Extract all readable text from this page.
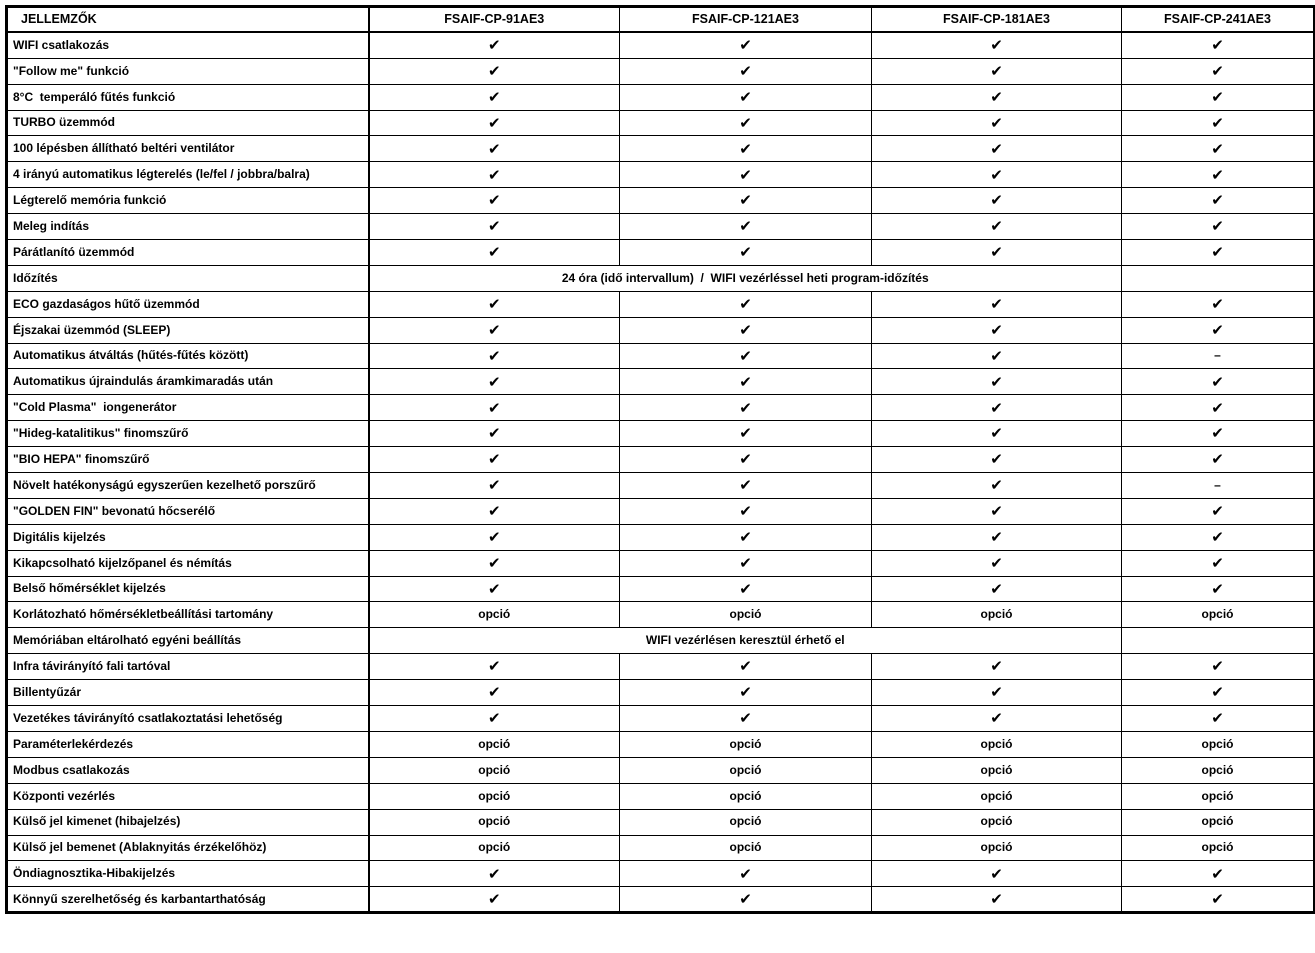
JELLEMZŐK	FSAIF-CP-91AE3	FSAIF-CP-121AE3	FSAIF-CP-181AE3	FSAIF-CP-241AE3
WIFI csatlakozás	✔	✔	✔	✔
"Follow me" funkció	✔	✔	✔	✔
8°C  temperáló fűtés funkció	✔	✔	✔	✔
TURBO üzemmód	✔	✔	✔	✔
100 lépésben állítható beltéri ventilátor	✔	✔	✔	✔
4 irányú automatikus légterelés (le/fel / jobbra/balra)	✔	✔	✔	✔
Légterelő memória funkció	✔	✔	✔	✔
Meleg indítás	✔	✔	✔	✔
Párátlanító üzemmód	✔	✔	✔	✔
Időzítés	24 óra (idő intervallum)  /  WIFI vezérléssel heti program-időzítés			
ECO gazdaságos hűtő üzemmód	✔	✔	✔	✔
Éjszakai üzemmód (SLEEP)	✔	✔	✔	✔
Automatikus átváltás (hűtés-fűtés között)	✔	✔	✔	–
Automatikus újraindulás áramkimaradás után	✔	✔	✔	✔
"Cold Plasma"  iongenerátor	✔	✔	✔	✔
"Hideg-katalitikus" finomszűrő	✔	✔	✔	✔
"BIO HEPA" finomszűrő	✔	✔	✔	✔
Növelt hatékonyságú egyszerűen kezelhető porszűrő	✔	✔	✔	–
"GOLDEN FIN" bevonatú hőcserélő	✔	✔	✔	✔
Digitális kijelzés	✔	✔	✔	✔
Kikapcsolható kijelzőpanel és némítás	✔	✔	✔	✔
Belső hőmérséklet kijelzés	✔	✔	✔	✔
Korlátozható hőmérsékletbeállítási tartomány	opció	opció	opció	opció
Memóriában eltárolható egyéni beállítás	WIFI vezérlésen keresztül érhető el			
Infra távirányító fali tartóval	✔	✔	✔	✔
Billentyűzár	✔	✔	✔	✔
Vezetékes távirányító csatlakoztatási lehetőség	✔	✔	✔	✔
Paraméterlekérdezés	opció	opció	opció	opció
Modbus csatlakozás	opció	opció	opció	opció
Központi vezérlés	opció	opció	opció	opció
Külső jel kimenet (hibajelzés)	opció	opció	opció	opció
Külső jel bemenet (Ablaknyitás érzékelőhöz)	opció	opció	opció	opció
Öndiagnosztika-Hibakijelzés	✔	✔	✔	✔
Könnyű szerelhetőség és karbantarthatóság	✔	✔	✔	✔
